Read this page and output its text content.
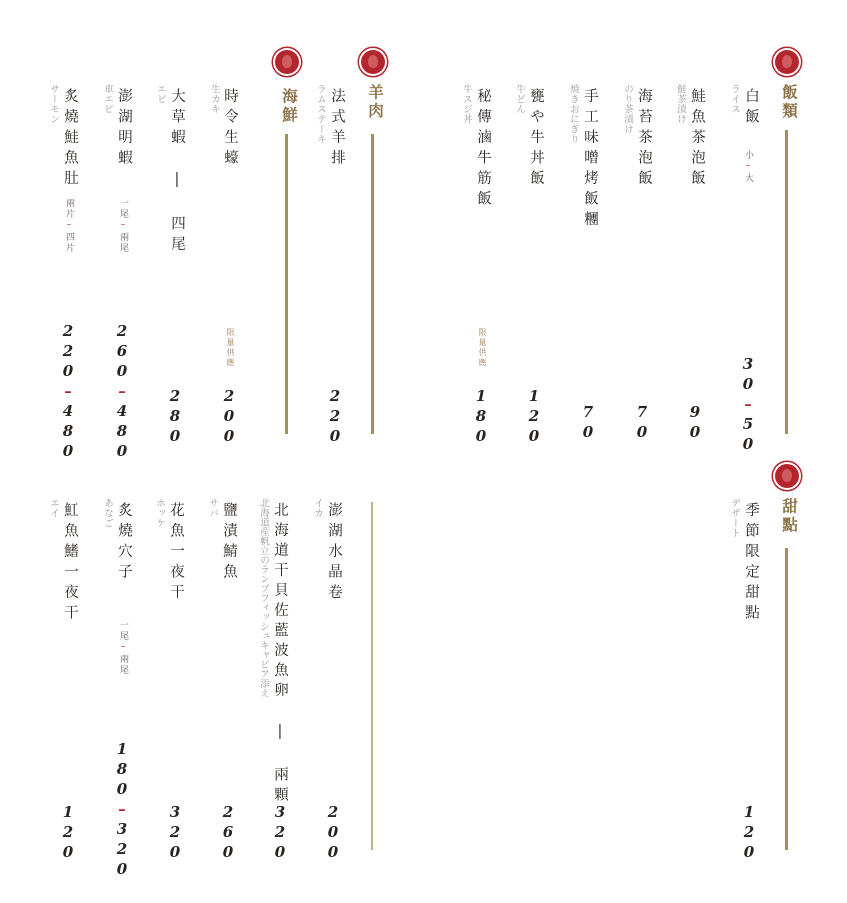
飯類
白飯
ライス
小–大
30–50
鮭魚茶泡飯
鮭茶漬け
90
海苔茶泡飯
のり茶漬け
70
手工味噌烤飯糰
焼きおにぎり
70
甕や牛丼飯
牛どん
120
秘傳滷牛筋飯
牛スジ丼
限量供應
180
羊肉
法式羊排
ラムステーキ
220
海鮮
時令生蠔
生カキ
限量供應
200
大草蝦 | 四尾
エビ
280
澎湖明蝦
車エビ
一尾–兩尾
260–480
炙燒鮭魚肚
サーモン
兩片–四片
220–480
甜點
季節限定甜點
デザート
120
澎湖水晶卷
イカ
200
北海道干貝佐藍波魚卵 | 兩顆
北海道産帆立のランプフィッシュキャビア添え
320
鹽漬鯖魚
サバ
260
花魚一夜干
ホッケ
320
炙燒穴子
あなご
一尾–兩尾
180–320
魟魚鰭一夜干
エイ
120
